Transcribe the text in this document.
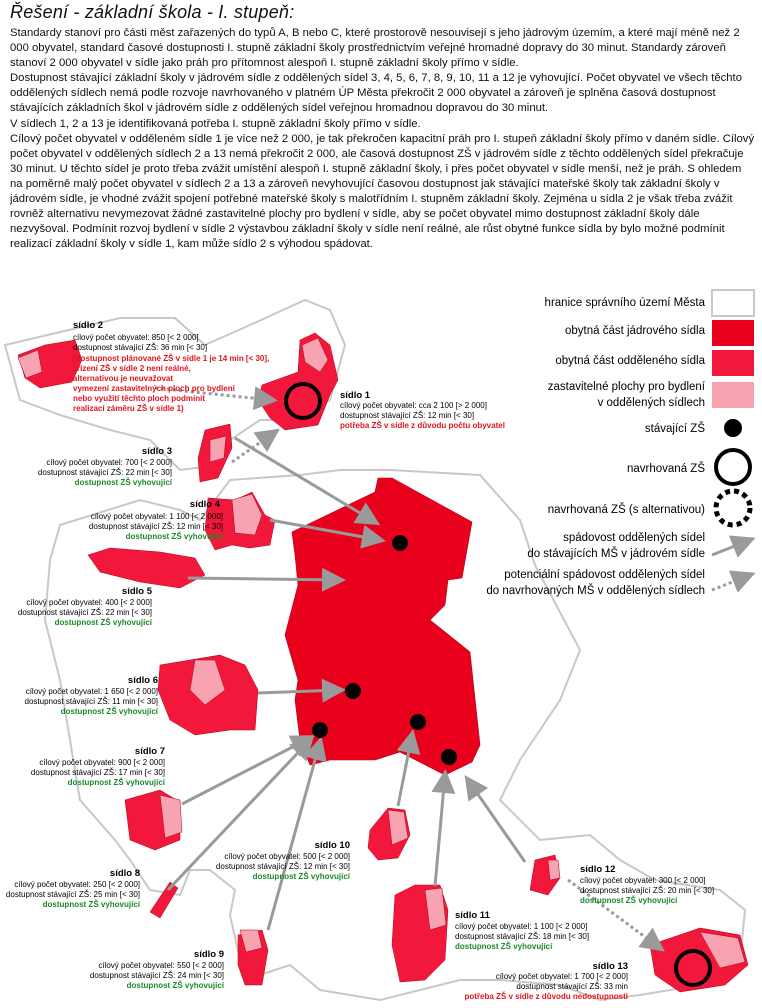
Řešení - základní škola - I. stupeň:

Standardy stanoví pro části měst zařazených do typů A, B nebo C, které prostorově nesouvisejí s jeho jádrovým územím, a které mají méně než 2 000 obyvatel, standard časové dostupnosti I. stupně základní školy prostřednictvím veřejné hromadné dopravy do 30 minut. Standardy zároveň stanoví 2 000 obyvatel v sídle jako práh pro přítomnost alespoň I. stupně základní školy přímo v sídle.

Dostupnost stávající základní školy v jádrovém sídle z oddělených sídel 3, 4, 5, 6, 7, 8, 9, 10, 11 a 12 je vyhovující. Počet obyvatel ve všech těchto oddělených sídlech nemá podle rozvoje navrhovaného v platném ÚP Města překročit 2 000 obyvatel a zároveň je splněna časová dostupnost stávajících základních škol v jádrovém sídle z oddělených sídel veřejnou hromadnou dopravou do 30 minut.

V sídlech 1, 2 a 13 je identifikovaná potřeba I. stupně základní školy přímo v sídle.

Cílový počet obyvatel v odděleném sídle 1 je více než 2 000, je tak překročen kapacitní práh pro I. stupeň základní školy přímo v daném sídle. Cílový počet obyvatel v oddělených sídlech 2 a 13 nemá překročit 2 000, ale časová dostupnost ZŠ v jádrovém sídle z těchto oddělených sídel překračuje 30 minut. U těchto sídel je proto třeba zvážit umístění alespoň I. stupně základní školy, i přes počet obyvatel v sídle menší, než je práh. S ohledem na poměrně malý počet obyvatel v sídlech 2 a 13 a zároveň nevyhovující časovou dostupnost jak stávající mateřské školy tak základní školy v jádrovém sídle, je vhodné zvážit spojení potřebné mateřské školy s malotřídním I. stupněm základní školy. Zejména u sídla 2 je však třeba zvážit rovněž alternativu nevymezovat žádné zastavitelné plochy pro bydlení v sídle, aby se počet obyvatel mimo dostupnost základní školy dále nezvyšoval. Podmínit rozvoj bydlení v sídle 2 výstavbou základní školy v sídle není reálné, ale růst obytné funkce sídla by bylo možné podmínit realizací základní školy v sídle 1, kam může sídlo 2 s výhodou spádovat.

sídlo 2
cílový počet obyvatel: 850 [< 2 000]
dostupnost stávající ZŠ: 36 min [< 30]
(dostupnost plánované ZŠ v sídle 1 je 14 min [< 30],
zřízení ZŠ v sídle 2 není reálné,
alternativou je neuvažovat
vymezení zastavitelných ploch pro bydlení
nebo využití těchto ploch podmínit
realizací záměru ZŠ v sídle 1)
sídlo 1
cílový počet obyvatel: cca 2 100 [> 2 000]
dostupnost stávající ZŠ: 12 min [< 30]
potřeba ZŠ v sídle z důvodu počtu obyvatel
sídlo 3
cílový počet obyvatel: 700 [< 2 000]
dostupnost stávající ZŠ: 22 min [< 30]
dostupnost ZŠ vyhovující
sídlo 4
cílový počet obyvatel: 1 100 [< 2 000]
dostupnost stávající ZŠ: 12 min [< 30]
dostupnost ZŠ vyhovující
sídlo 5
cílový počet obyvatel: 400 [< 2 000]
dostupnost stávající ZŠ: 22 min [< 30]
dostupnost ZŠ vyhovující
sídlo 6
cílový počet obyvatel: 1 650 [< 2 000]
dostupnost stávající ZŠ: 11 min [< 30]
dostupnost ZŠ vyhovující
sídlo 7
cílový počet obyvatel: 900 [< 2 000]
dostupnost stávající ZŠ: 17 min [< 30]
dostupnost ZŠ vyhovující
sídlo 8
cílový počet obyvatel: 250 [< 2 000]
dostupnost stávající ZŠ: 25 min [< 30]
dostupnost ZŠ vyhovující
sídlo 9
cílový počet obyvatel: 550 [< 2 000]
dostupnost stávající ZŠ: 24 min [< 30]
dostupnost ZŠ vyhovující
sídlo 10
cílový počet obyvatel: 500 [< 2 000]
dostupnost stávající ZŠ: 12 min [< 30]
dostupnost ZŠ vyhovující
sídlo 11
cílový počet obyvatel: 1 100 [< 2 000]
dostupnost stávající ZŠ: 18 min [< 30]
dostupnost ZŠ vyhovující
sídlo 12
cílový počet obyvatel: 300 [< 2 000]
dostupnost stávající ZŠ: 20 min [< 30]
dostupnost ZŠ vyhovující
sídlo 13
cílový počet obyvatel: 1 700 [< 2 000]
dostupnost stávající ZŠ: 33 min
potřeba ZŠ v sídle z důvodu nedostupnosti
hranice správního území Města
obytná část jádrového sídla
obytná část odděleného sídla
zastavitelné plochy pro bydlení
v oddělených sídlech
stávající ZŠ
navrhovaná ZŠ
navrhovaná ZŠ (s alternativou)
spádovost oddělených sídel
do stávajících MŠ v jádrovém sídle
potenciální spádovost oddělených sídel
do navrhovaných MŠ v oddělených sídlech
